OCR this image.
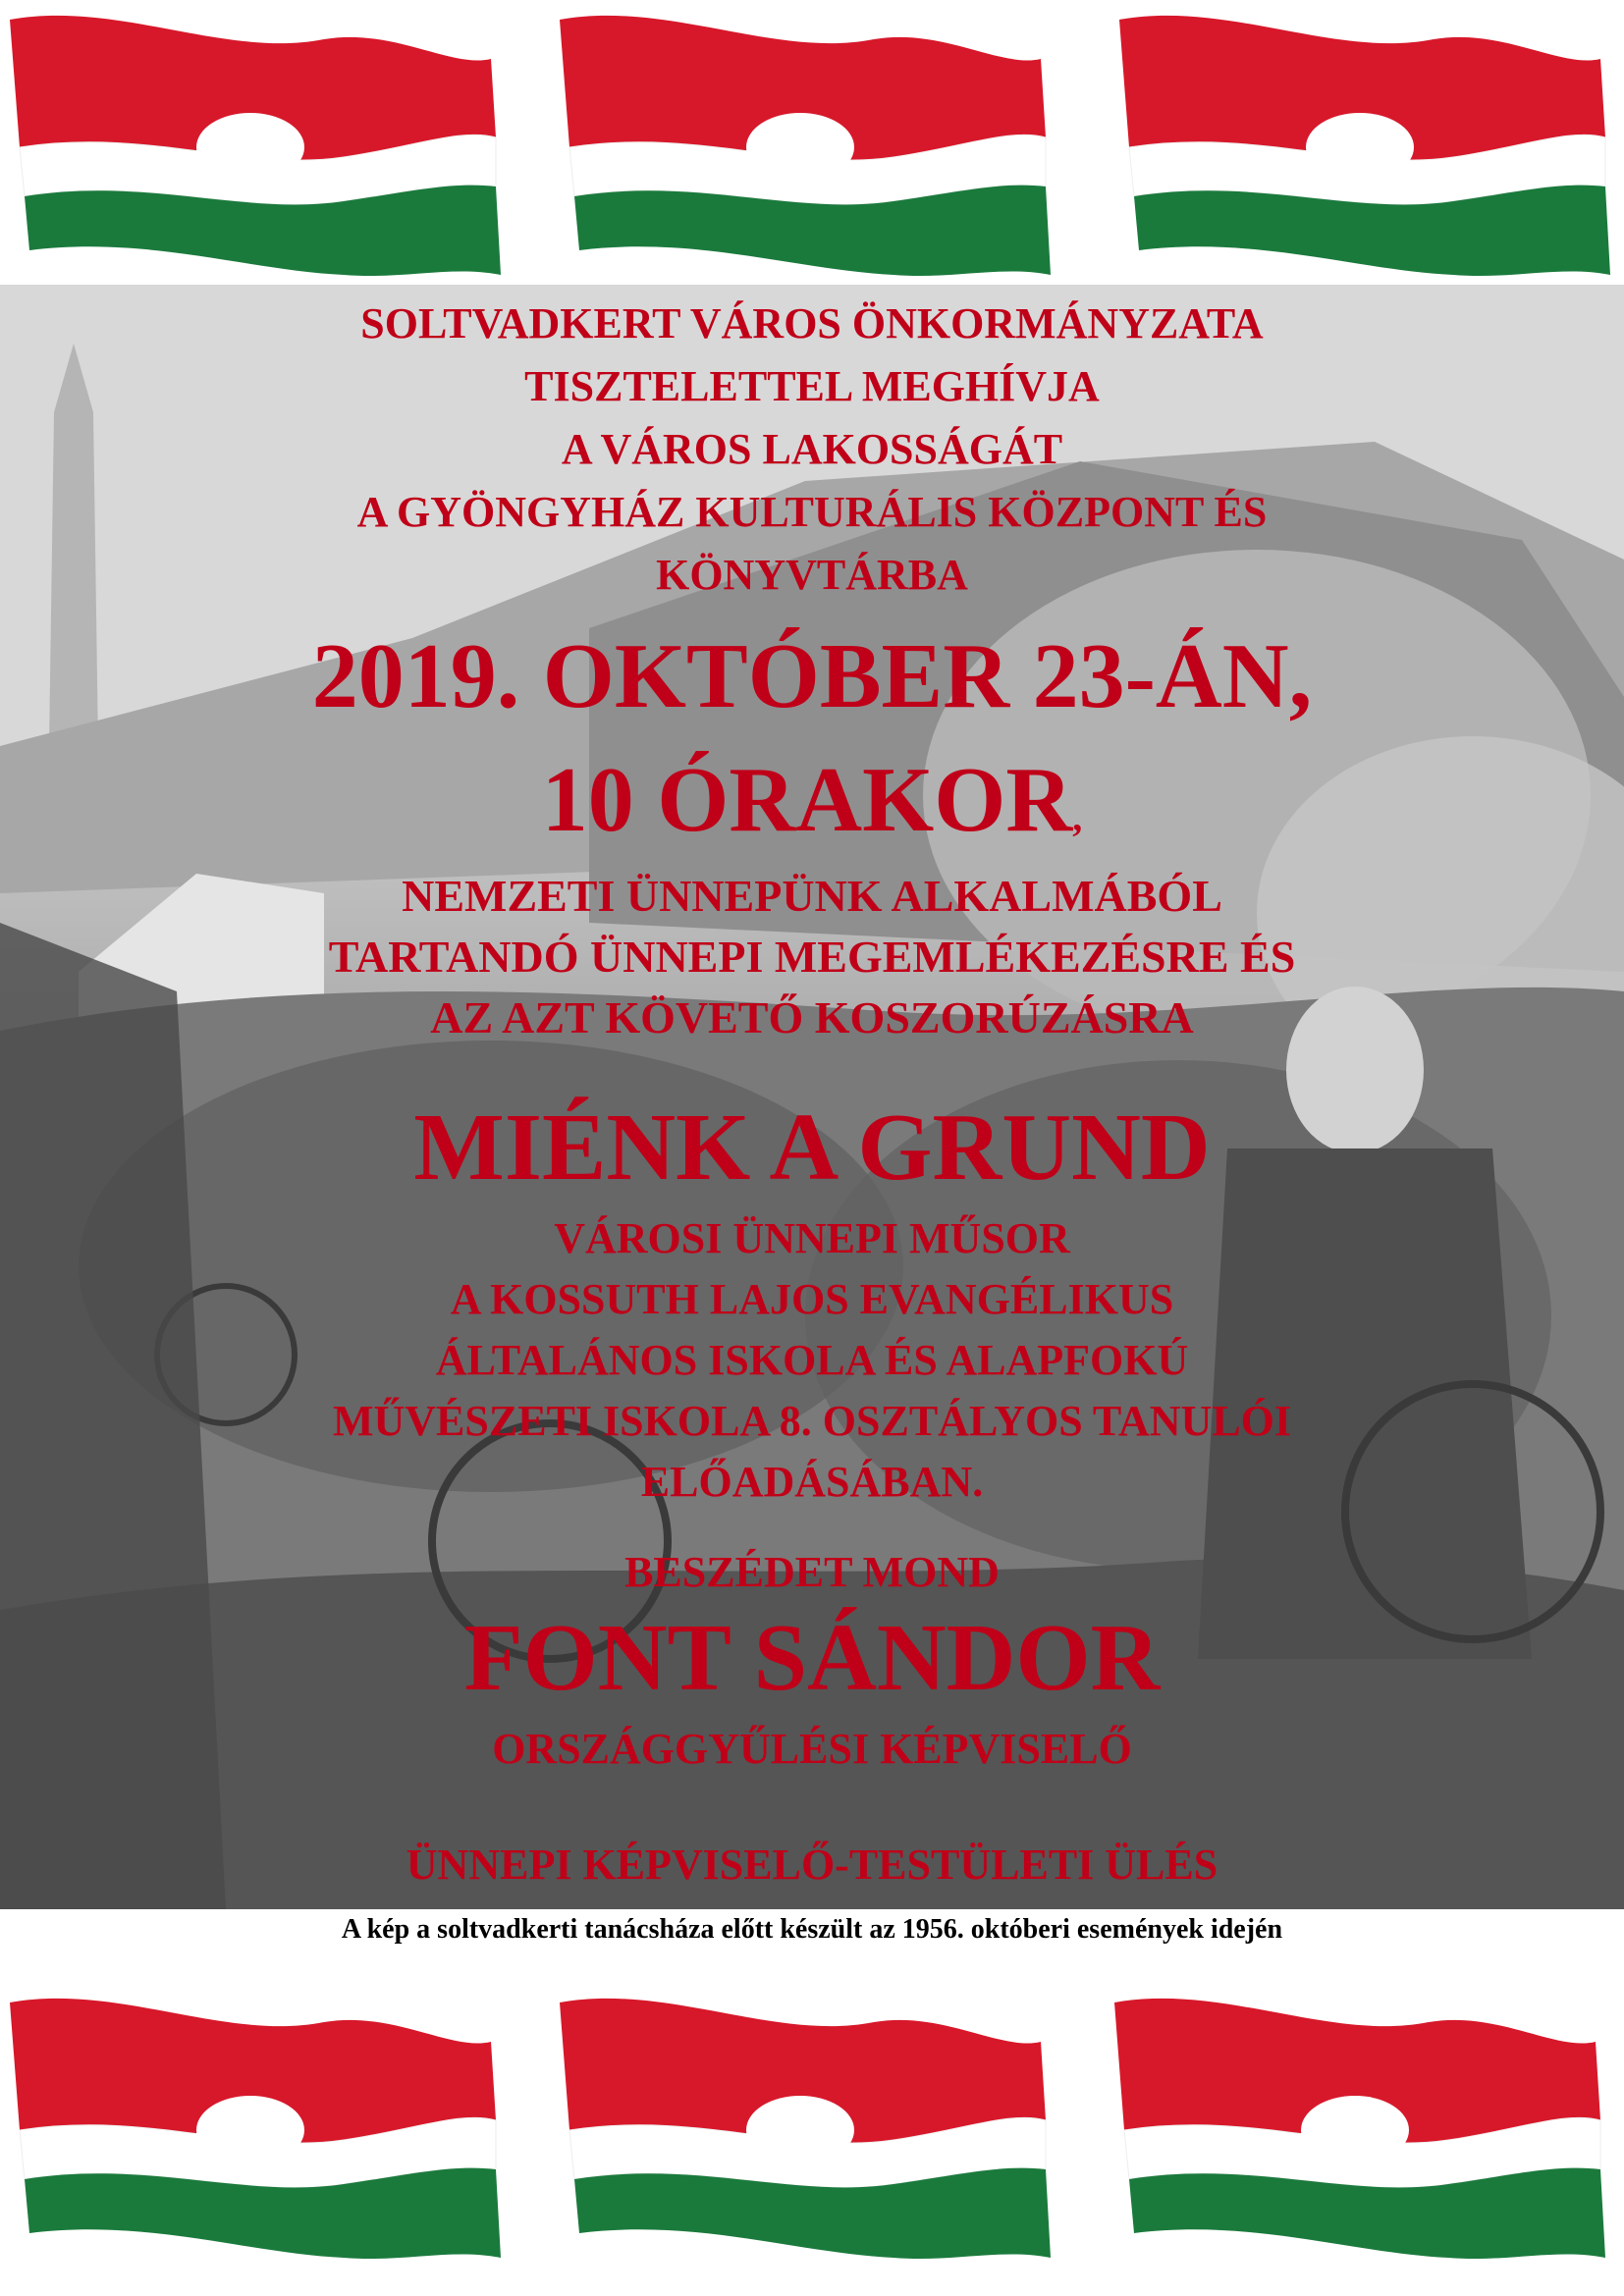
SOLTVADKERT VÁROS ÖNKORMÁNYZATA

TISZTELETTEL MEGHÍVJA

A VÁROS LAKOSSÁGÁT

A GYÖNGYHÁZ KULTURÁLIS KÖZPONT ÉS

KÖNYVTÁRBA

2019. OKTÓBER 23-ÁN,

10 ÓRAKOR,

NEMZETI ÜNNEPÜNK ALKALMÁBÓL

TARTANDÓ ÜNNEPI MEGEMLÉKEZÉSRE ÉS

AZ AZT KÖVETŐ KOSZORÚZÁSRA

MIÉNK A GRUND

VÁROSI ÜNNEPI MŰSOR

A KOSSUTH LAJOS EVANGÉLIKUS

ÁLTALÁNOS ISKOLA ÉS ALAPFOKÚ

MŰVÉSZETI ISKOLA 8. OSZTÁLYOS TANULÓI

ELŐADÁSÁBAN.

BESZÉDET MOND

FONT SÁNDOR

ORSZÁGGYŰLÉSI KÉPVISELŐ

ÜNNEPI KÉPVISELŐ-TESTÜLETI ÜLÉS

A kép a soltvadkerti tanácsháza előtt készült az 1956. októberi események idején
